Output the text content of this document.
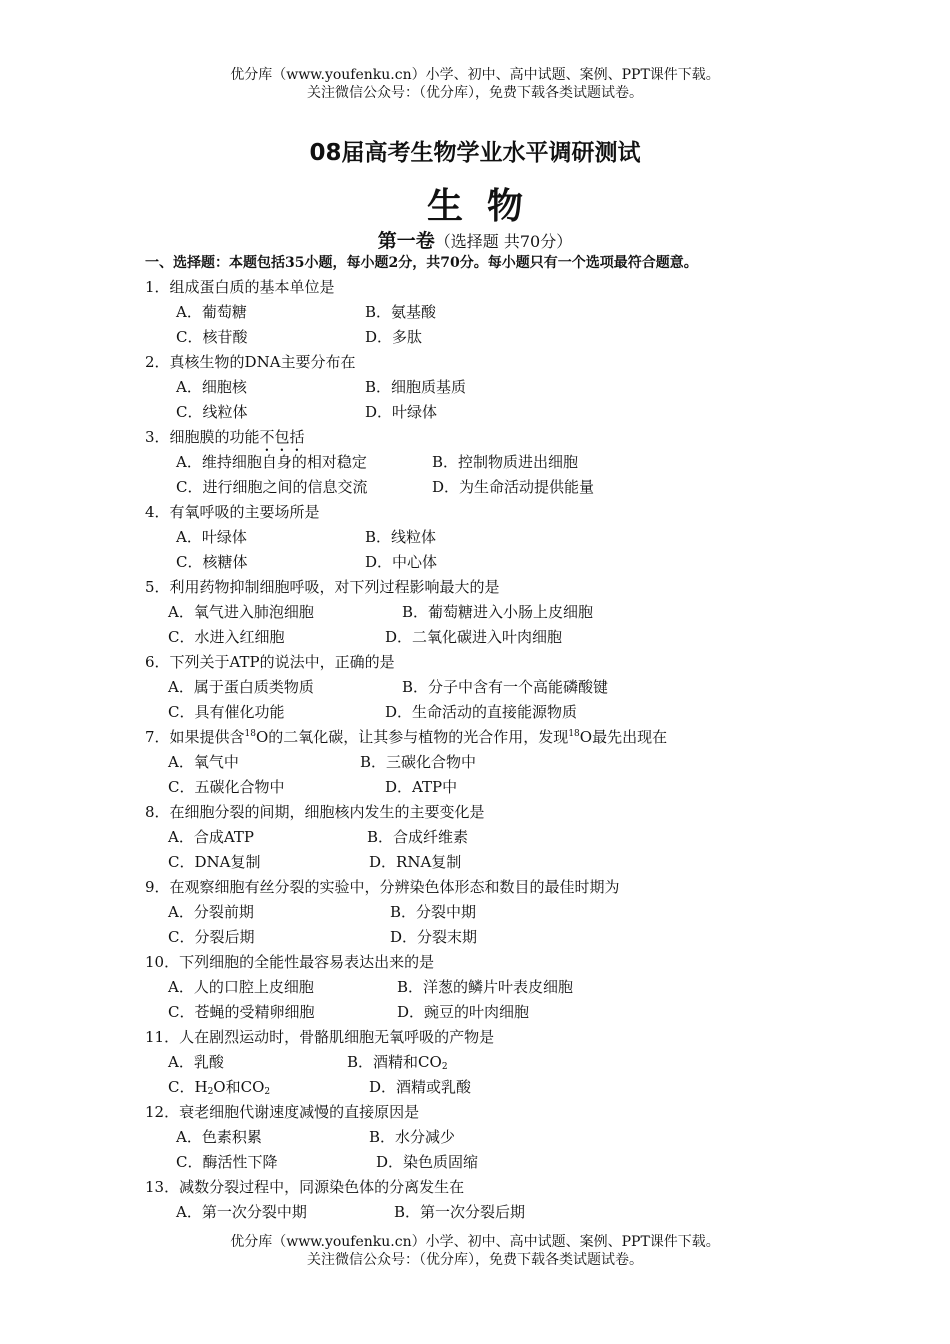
优分库（www.youfenku.cn）小学、初中、高中试题、案例、PPT课件下载。
关注微信公众号：（优分库），免费下载各类试题试卷。
08届高考生物学业水平调研测试
生物
第一卷（选择题 共70分）
一、选择题：本题包括35小题，每小题2分，共70分。每小题只有一个选项最符合题意。
1．组成蛋白质的基本单位是
A．葡萄糖	B．氨基酸
C．核苷酸	D．多肽
2．真核生物的DNA主要分布在
A．细胞核	B．细胞质基质
C．线粒体	D．叶绿体
3．细胞膜的功能不包括
A．维持细胞自身的相对稳定	B．控制物质进出细胞
C．进行细胞之间的信息交流	D．为生命活动提供能量
4．有氧呼吸的主要场所是
A．叶绿体	B．线粒体
C．核糖体	D．中心体
5．利用药物抑制细胞呼吸，对下列过程影响最大的是
A．氧气进入肺泡细胞	B．葡萄糖进入小肠上皮细胞
C．水进入红细胞	D．二氧化碳进入叶肉细胞
6．下列关于ATP的说法中，正确的是
A．属于蛋白质类物质	B．分子中含有一个高能磷酸键
C．具有催化功能	D．生命活动的直接能源物质
7．如果提供含$^{18}$O的二氧化碳，让其参与植物的光合作用，发现$^{18}$O最先出现在
A．氧气中	B．三碳化合物中
C．五碳化合物中	D．ATP中
8．在细胞分裂的间期，细胞核内发生的主要变化是
A．合成ATP	B．合成纤维素
C．DNA复制	D．RNA复制
9．在观察细胞有丝分裂的实验中，分辨染色体形态和数目的最佳时期为
A．分裂前期	B．分裂中期
C．分裂后期	D．分裂末期
10．下列细胞的全能性最容易表达出来的是
A．人的口腔上皮细胞	B．洋葱的鳞片叶表皮细胞
C．苍蝇的受精卵细胞	D．豌豆的叶肉细胞
11．人在剧烈运动时，骨骼肌细胞无氧呼吸的产物是
A．乳酸	B．酒精和$CO_2$
C．$H_2O$和$CO_2$	D．酒精或乳酸
12．衰老细胞代谢速度减慢的直接原因是
A．色素积累	B．水分减少
C．酶活性下降	D．染色质固缩
13．减数分裂过程中，同源染色体的分离发生在
A．第一次分裂中期	B．第一次分裂后期
优分库（www.youfenku.cn）小学、初中、高中试题、案例、PPT课件下载。
关注微信公众号：（优分库），免费下载各类试题试卷。
